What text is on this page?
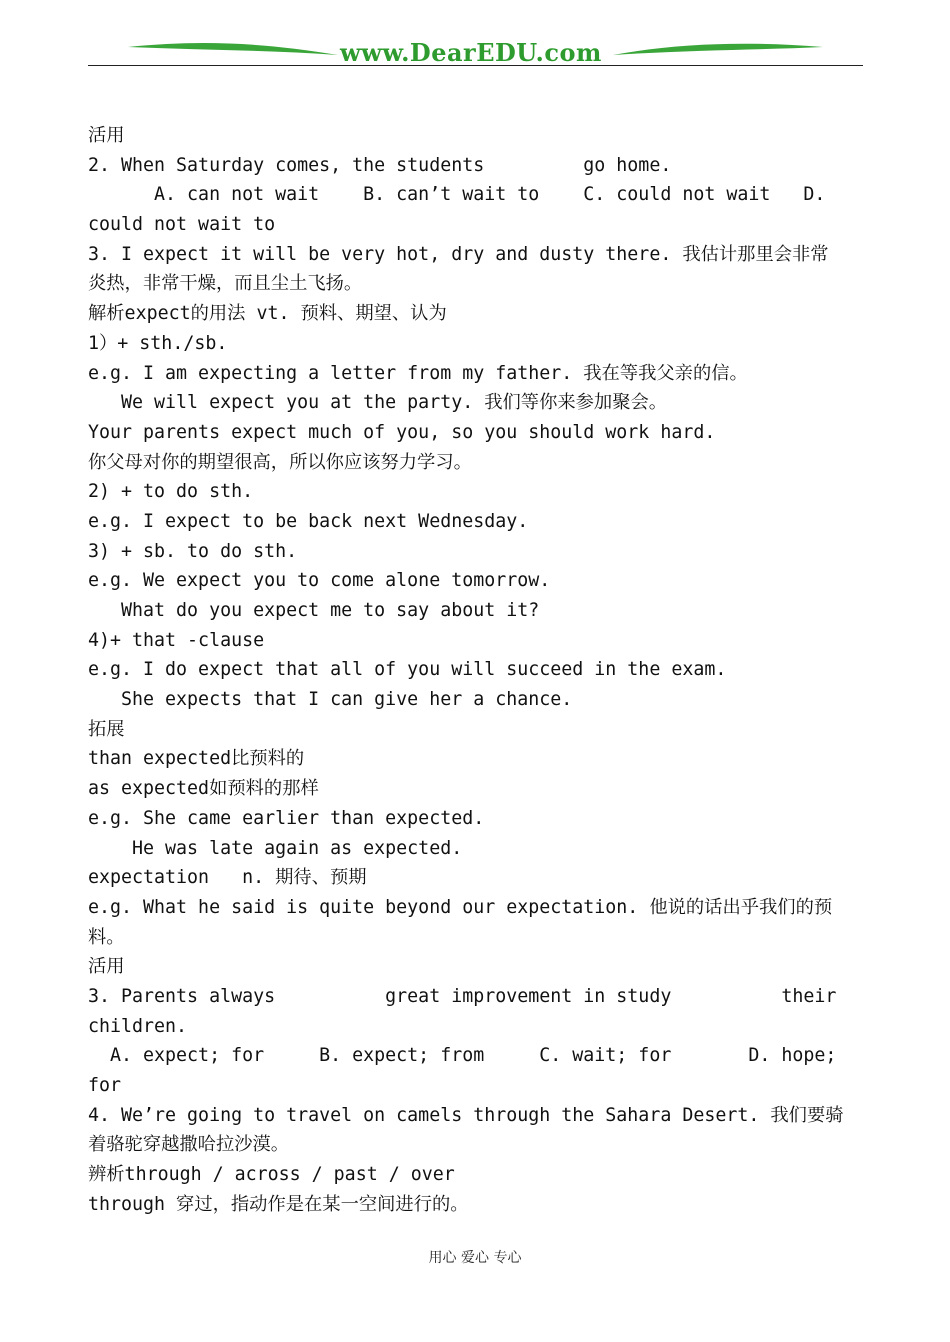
www.DearEDU.com
活用
2. When Saturday comes, the students         go home.
A. can not wait    B. can’t wait to    C. could not wait   D.
could not wait to
3. I expect it will be very hot, dry and dusty there. 我估计那里会非常
炎热，非常干燥，而且尘土飞扬。
解析expect的用法 vt. 预料、期望、认为
1）+ sth./sb.
e.g. I am expecting a letter from my father. 我在等我父亲的信。
We will expect you at the party. 我们等你来参加聚会。
Your parents expect much of you, so you should work hard.
你父母对你的期望很高，所以你应该努力学习。
2) + to do sth.
e.g. I expect to be back next Wednesday.
3) + sb. to do sth.
e.g. We expect you to come alone tomorrow.
What do you expect me to say about it?
4)+ that -clause
e.g. I do expect that all of you will succeed in the exam.
She expects that I can give her a chance.
拓展
than expected比预料的
as expected如预料的那样
e.g. She came earlier than expected.
He was late again as expected.
expectation   n. 期待、预期
e.g. What he said is quite beyond our expectation. 他说的话出乎我们的预
料。
活用
3. Parents always          great improvement in study          their
children.
A. expect; for     B. expect; from     C. wait; for       D. hope;
for
4. We’re going to travel on camels through the Sahara Desert. 我们要骑
着骆驼穿越撒哈拉沙漠。
辨析through / across / past / over
through 穿过，指动作是在某一空间进行的。
用心 爱心 专心
